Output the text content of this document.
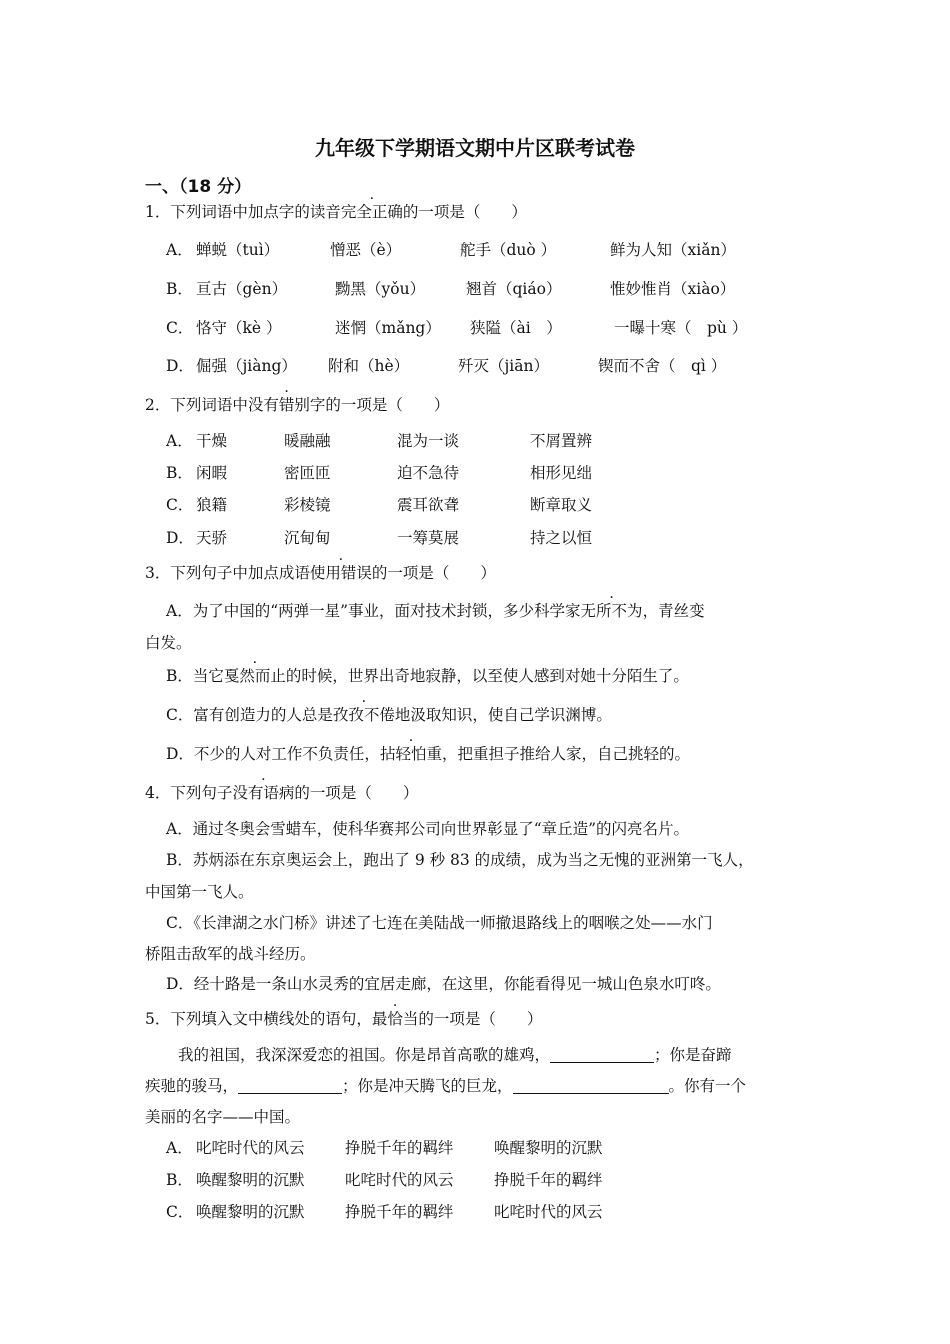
九年级下学期语文期中片区联考试卷
一、（18 分）
1．下列词语中加点字的读音完全正确的一项是（　　）
A． 蝉蜕（tuì）	憎恶（è）	舵手（duò ）	鲜为人知（xiǎn）
B． 亘古（gèn）	黝黑（yǒu）	翘首（qiáo）	惟妙惟肖（xiào）
C． 恪守（kè ）	迷惘（mǎng） 狭隘（ài　）	一曝十寒（　pù ）
D． 倔强（jiàng） 附和（hè）	歼灭（jiān）	锲而不舍（　qì ）
2．下列词语中· 没有错别字的一项是（　　）
A． 干燥	暖融融	混为一谈	不屑置辨
B． 闲暇	密匝匝	迫不急待	相形见绌
C． 狼籍	彩棱镜	震耳欲聋	断章取义
D． 天骄	沉甸甸	一筹莫展	持之以恒
3．下列句子中加点成语使用错误的一项是（　　）
A．为了中国的“两弹一星”事业，面对技术封锁，多少科学家无所不为，青丝变
白发。
B．当它戛然而止的时候，世界出奇地寂静，以至使人感到对她十分陌生了。
C．富有创造力的人总是孜孜不倦地汲取知识，使自己学识渊博。
D．不少的人对工作不负责任，拈轻怕重，把重担子推给人家，自己挑轻的。
4．下列句子没有语病的一项是（　　）
A．通过冬奥会雪蜡车，使科华赛邦公司向世界彰显了“章丘造”的闪亮名片。
B．苏炳添在东京奥运会上，跑出了 9 秒 83 的成绩，成为当之无愧的亚洲第一飞人，
中国第一飞人。
C．《长津湖之水门桥》讲述了七连在美陆战一师撤退路线上的咽喉之处——水门
桥阻击敌军的战斗经历。
D．经十路是一条山水灵秀的宜居走廊，在这里，你能看得见一城山色泉水叮咚。
5．下列填入文中横线处的语句，最恰当的一项是（　　）
我的祖国，我深深爱恋的祖国。你是昂首高歌的雄鸡，	；你是奋蹄
疾驰的骏马，	；你是冲天腾飞的巨龙，	。你有一个
美丽的名字——中国。
A． 叱咤时代的风云	挣脱千年的羁绊	唤醒黎明的沉默
B． 唤醒黎明的沉默	叱咤时代的风云	挣脱千年的羁绊
C． 唤醒黎明的沉默	挣脱千年的羁绊	叱咤时代的风云
